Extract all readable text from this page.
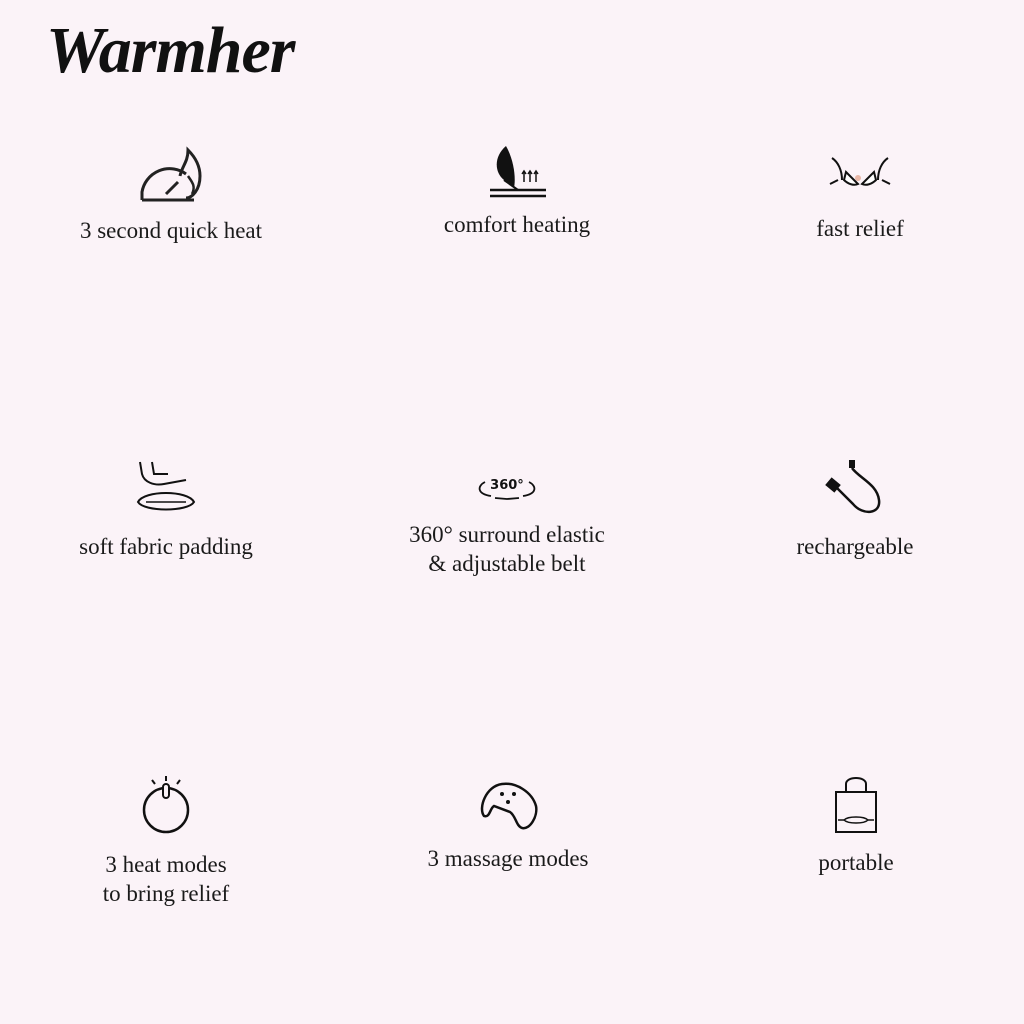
Warmher
3 second quick heat	comfort heating	fast relief
soft fabric padding
360°
360° surround elastic
& adjustable belt
rechargeable
3 heat modes
to bring relief
3 massage modes	portable
